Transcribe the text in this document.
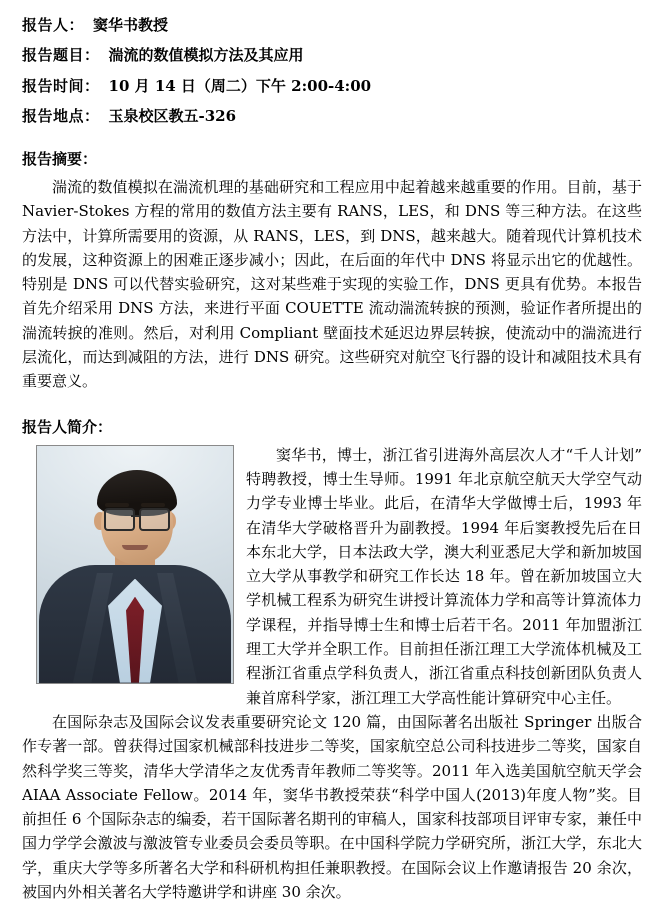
报告人： 窦华书教授
报告题目： 湍流的数值模拟方法及其应用
报告时间： 10 月 14 日（周二）下午 2:00-4:00
报告地点： 玉泉校区教五-326
报告摘要：

湍流的数值模拟在湍流机理的基础研究和工程应用中起着越来越重要的作用。目前，基于 Navier-Stokes 方程的常用的数值方法主要有 RANS，LES，和 DNS 等三种方法。在这些方法中，计算所需要用的资源，从 RANS，LES，到 DNS，越来越大。随着现代计算机技术的发展，这种资源上的困难正逐步减小；因此，在后面的年代中 DNS 将显示出它的优越性。特别是 DNS 可以代替实验研究，这对某些难于实现的实验工作，DNS 更具有优势。本报告首先介绍采用 DNS 方法，来进行平面 COUETTE 流动湍流转捩的预测，验证作者所提出的湍流转捩的准则。然后，对利用 Compliant 壁面技术延迟边界层转捩，使流动中的湍流进行层流化，而达到减阻的方法，进行 DNS 研究。这些研究对航空飞行器的设计和减阻技术具有重要意义。

报告人简介：

窦华书，博士，浙江省引进海外高层次人才“千人计划”特聘教授，博士生导师。1991 年北京航空航天大学空气动力学专业博士毕业。此后，在清华大学做博士后，1993 年在清华大学破格晋升为副教授。1994 年后窦教授先后在日本东北大学，日本法政大学，澳大利亚悉尼大学和新加坡国立大学从事教学和研究工作长达 18 年。曾在新加坡国立大学机械工程系为研究生讲授计算流体力学和高等计算流体力学课程，并指导博士生和博士后若干名。2011 年加盟浙江理工大学并全职工作。目前担任浙江理工大学流体机械及工程浙江省重点学科负责人，浙江省重点科技创新团队负责人兼首席科学家，浙江理工大学高性能计算研究中心主任。

在国际杂志及国际会议发表重要研究论文 120 篇，由国际著名出版社 Springer 出版合作专著一部。曾获得过国家机械部科技进步二等奖，国家航空总公司科技进步二等奖，国家自然科学奖三等奖，清华大学清华之友优秀青年教师二等奖等。2011 年入选美国航空航天学会 AIAA Associate Fellow。2014 年，窦华书教授荣获“科学中国人(2013)年度人物”奖。目前担任 6 个国际杂志的编委，若干国际著名期刊的审稿人，国家科技部项目评审专家，兼任中国力学学会激波与激波管专业委员会委员等职。在中国科学院力学研究所，浙江大学，东北大学，重庆大学等多所著名大学和科研机构担任兼职教授。在国际会议上作邀请报告 20 余次，被国内外相关著名大学特邀讲学和讲座 30 余次。
